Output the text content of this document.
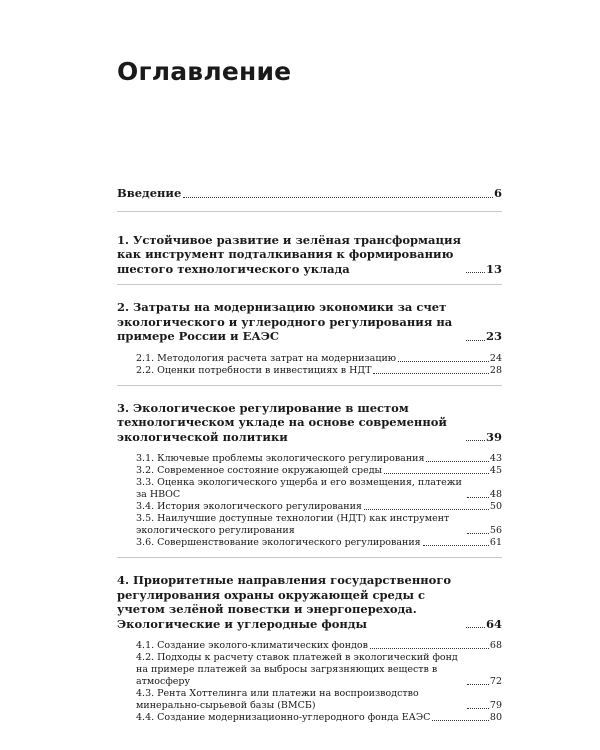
Оглавление
Введение	6
1. Устойчивое развитие и зелёная трансформация как инструмент подталкивания к формированию шестого технологического уклада	13
2. Затраты на модернизацию экономики за счет экологического и углеродного регулирования на примере России и ЕАЭС	23
2.1. Методология расчета затрат на модернизацию	24
2.2. Оценки потребности в инвестициях в НДТ	28
3. Экологическое регулирование в шестом технологическом укладе на основе современной экологической политики	39
3.1. Ключевые проблемы экологического регулирования	43
3.2. Современное состояние окружающей среды	45
3.3. Оценка экологического ущерба и его возмещения, платежи за НВОС	48
3.4. История экологического регулирования	50
3.5. Наилучшие доступные технологии (НДТ) как инструмент экологического регулирования	56
3.6. Совершенствование экологического регулирования	61
4. Приоритетные направления государственного регулирования охраны окружающей среды с учетом зелёной повестки и энергоперехода. Экологические и углеродные фонды	64
4.1. Создание эколого-климатических фондов	68
4.2. Подходы к расчету ставок платежей в экологический фонд на примере платежей за выбросы загрязняющих веществ в атмосферу	72
4.3. Рента Хоттелинга или платежи на воспроизводство минерально-сырьевой базы (ВМСБ)	79
4.4. Создание модернизационно-углеродного фонда ЕАЭС	80
